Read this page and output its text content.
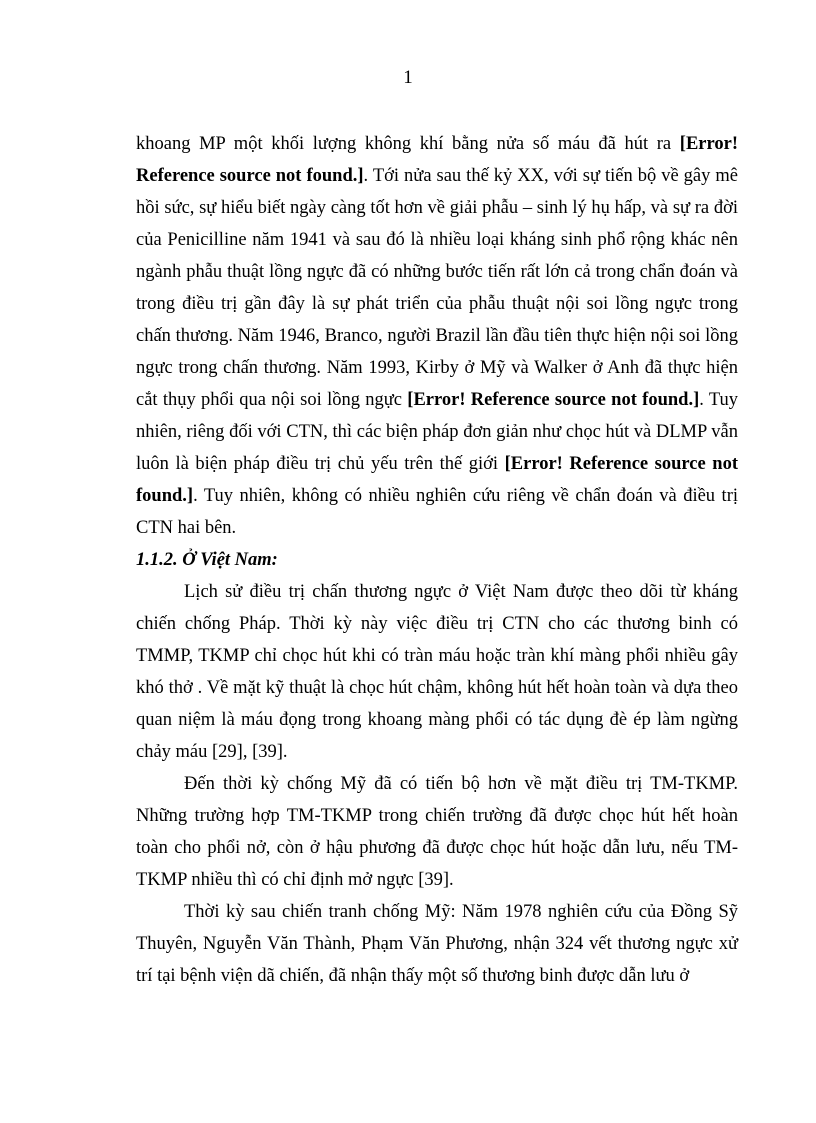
1

khoang MP một khối lượng không khí bằng nửa số máu đã hút ra [Error! Reference source not found.]. Tới nửa sau thế kỷ XX, với sự tiến bộ về gây mê hồi sức, sự hiểu biết ngày càng tốt hơn về giải phẫu – sinh lý hụ hấp, và sự ra đời của Penicilline năm 1941 và sau đó là nhiều loại kháng sinh phổ rộng khác nên ngành phẫu thuật lồng ngực đã có những bước tiến rất lớn cả trong chẩn đoán và trong điều trị gần đây là sự phát triển của phẫu thuật nội soi lồng ngực trong chấn thương. Năm 1946, Branco, người Brazil lần đầu tiên thực hiện nội soi lồng ngực trong chấn thương. Năm 1993, Kirby ở Mỹ và Walker ở Anh đã thực hiện cắt thụy phổi qua nội soi lồng ngực [Error! Reference source not found.]. Tuy nhiên, riêng đối với CTN, thì các biện pháp đơn giản như chọc hút và DLMP vẫn luôn là biện pháp điều trị chủ yếu trên thế giới [Error! Reference source not found.]. Tuy nhiên, không có nhiều nghiên cứu riêng về chẩn đoán và điều trị CTN hai bên.

1.1.2. Ở Việt Nam:

Lịch sử điều trị chấn thương ngực ở Việt Nam được theo dõi từ kháng chiến chống Pháp. Thời kỳ này việc điều trị CTN cho các thương binh có TMMP, TKMP chỉ chọc hút khi có tràn máu hoặc tràn khí màng phổi nhiều gây khó thở . Về mặt kỹ thuật là chọc hút chậm, không hút hết hoàn toàn và dựa theo quan niệm là máu đọng trong khoang màng phổi có tác dụng đè ép làm ngừng chảy máu [29], [39].

Đến thời kỳ chống Mỹ đã có tiến bộ hơn về mặt điều trị TM-TKMP. Những trường hợp TM-TKMP trong chiến trường đã được chọc hút hết hoàn toàn cho phổi nở, còn ở hậu phương đã được chọc hút hoặc dẫn lưu, nếu TM-TKMP nhiều thì có chỉ định mở ngực [39].

Thời kỳ sau chiến tranh chống Mỹ: Năm 1978 nghiên cứu của Đồng Sỹ Thuyên, Nguyễn Văn Thành, Phạm Văn Phương, nhận 324 vết thương ngực xử trí tại bệnh viện dã chiến, đã nhận thấy một số thương binh được dẫn lưu ở
